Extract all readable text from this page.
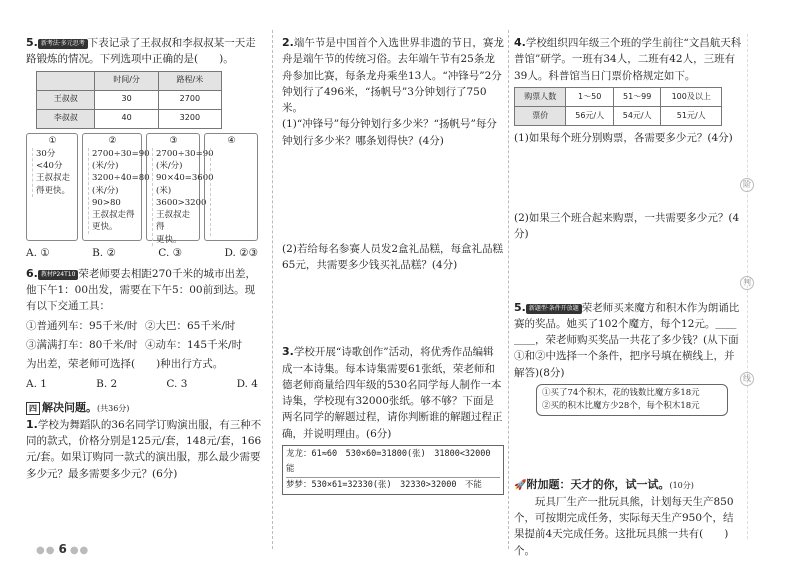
阶
判
线

5. 新考法·多元思考 下表记录了王叔叔和李叔叔某一天走路锻炼的情况。下列选项中正确的是(　　)。

	时间/分	路程/米
王叔叔	30	2700
李叔叔	40	3200
①
30分
<40分
王叔叔走
得更快。
②
2700÷30=90
(米/分)
3200÷40=80
(米/分)
90>80
王叔叔走得
更快。
③
2700÷30=90
(米/分)
90×40=3600
(米)
3600>3200
王叔叔走得
更快。
④
A. ①	B. ②	C. ③	D. ②③

6. 教材P24T10 荣老师要去相距270千米的城市出差，他下午1：00出发，需要在下午5：00前到达。现有以下交通工具：

①普通列车：95千米/时 ②大巴：65千米/时
③满满打车：80千米/时 ④动车：145千米/时

为出差，荣老师可选择(　　)种出行方式。

A. 1	B. 2	C. 3	D. 4
四 解决问题。(共36分)

1.学校为舞蹈队的36名同学订购演出服，有三种不同的款式，价格分别是125元/套，148元/套，166元/套。如果订购同一款式的演出服，那么最少需要多少元？最多需要多少元？(6分)

2.端午节是中国首个入选世界非遗的节日，赛龙舟是端午节的传统习俗。去年端午节有25条龙舟参加比赛，每条龙舟乘坐13人。“冲锋号”2分钟划行了496米，“扬帆号”3分钟划行了750米。

(1)“冲锋号”每分钟划行多少米？“扬帆号”每分钟划行多少米？哪条划得快？(4分)

(2)若给每名参赛人员发2盒礼品糕，每盒礼品糕65元，共需要多少钱买礼品糕？(4分)

3.学校开展“诗歌创作”活动，将优秀作品编辑成一本诗集。每本诗集需要61张纸，荣老师和德老师商量给四年级的530名同学每人制作一本诗集，学校现有32000张纸。够不够？下面是两名同学的解题过程，请你判断谁的解题过程正确，并说明理由。(6分)

龙龙：61≈60　530×60=31800(张)　31800<32000　能
梦梦：530×61=32330(张)　32330>32000　不能

4.学校组织四年级三个班的学生前往“文昌航天科普馆”研学。一班有34人，二班有42人，三班有39人。科普馆当日门票价格规定如下。

购票人数	1～50	51～99	100及以上
票价	56元/人	54元/人	51元/人

(1)如果每个班分别购票，各需要多少元？(4分)

(2)如果三个班合起来购票，一共需要多少元？(4分)

5. 新题型·条件开放题 荣老师买来魔方和积木作为朗诵比赛的奖品。她买了102个魔方，每个12元。＿＿＿＿，荣老师购买奖品一共花了多少钱？(从下面①和②中选择一个条件，把序号填在横线上，并解答)(8分)

①买了74个积木，花的钱数比魔方多18元
②买的积木比魔方少28个，每个积木18元

🚀附加题：天才的你，试一试。(10分)

玩具厂生产一批玩具熊，计划每天生产850个，可按期完成任务，实际每天生产950个，结果提前4天完成任务。这批玩具熊一共有(　　)个。

●● 6 ●●
